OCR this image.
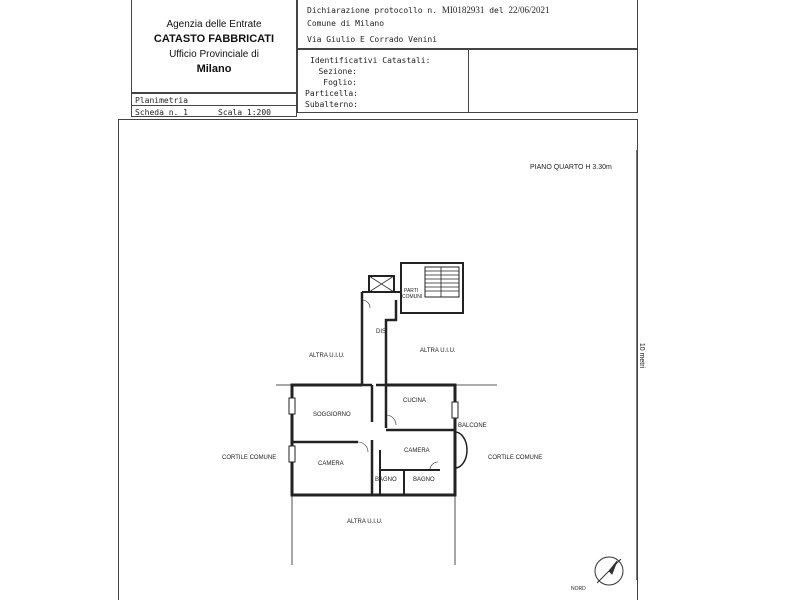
Agenzia delle Entrate
CATASTO FABBRICATI
Ufficio Provinciale di
Milano
Dichiarazione protocollo n. MI0182931 del 22/06/2021
Comune di Milano
Via Giulio E Corrado Venini
Identificativi Catastali:
Sezione:
Foglio:
Particella:
Subalterno:
Planimetria
Scheda n. 1	Scala 1:200
PIANO QUARTO H 3.30m
10 metri
PARTI
COMUNI
DIS.
ALTRA U.I.U.
ALTRA U.I.U.
CUCINA
SOGGIORNO
BALCONE
CAMERA
CAMERA
CORTILE COMUNE	CORTILE COMUNE
BAGNO	BAGNO
ALTRA U.I.U.
NORD
